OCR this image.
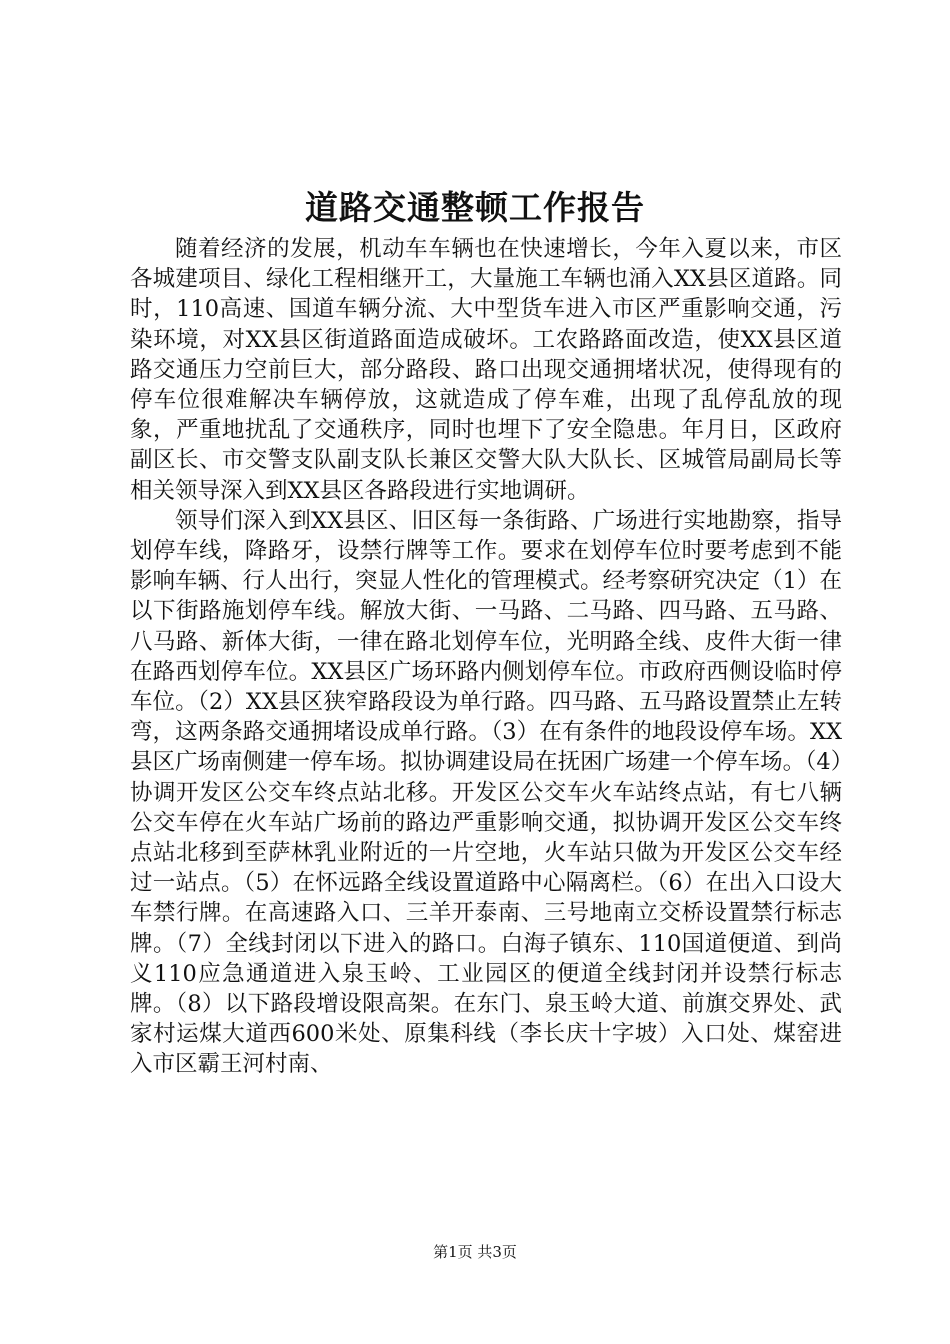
道路交通整顿工作报告

随着经济的发展，机动车车辆也在快速增长，今年入夏以来，市区各城建项目、绿化工程相继开工，大量施工车辆也涌入XX县区道路。同时，110高速、国道车辆分流、大中型货车进入市区严重影响交通，污染环境，对XX县区街道路面造成破坏。工农路路面改造，使XX县区道路交通压力空前巨大，部分路段、路口出现交通拥堵状况，使得现有的停车位很难解决车辆停放，这就造成了停车难，出现了乱停乱放的现象，严重地扰乱了交通秩序，同时也埋下了安全隐患。年月日，区政府副区长、市交警支队副支队长兼区交警大队大队长、区城管局副局长等相关领导深入到XX县区各路段进行实地调研。

领导们深入到XX县区、旧区每一条街路、广场进行实地勘察，指导划停车线，降路牙，设禁行牌等工作。要求在划停车位时要考虑到不能影响车辆、行人出行，突显人性化的管理模式。经考察研究决定（1）在以下街路施划停车线。解放大街、一马路、二马路、四马路、五马路、八马路、新体大街，一律在路北划停车位，光明路全线、皮件大街一律在路西划停车位。XX县区广场环路内侧划停车位。市政府西侧设临时停车位。（2）XX县区狭窄路段设为单行路。四马路、五马路设置禁止左转弯，这两条路交通拥堵设成单行路。（3）在有条件的地段设停车场。XX县区广场南侧建一停车场。拟协调建设局在抚困广场建一个停车场。（4）协调开发区公交车终点站北移。开发区公交车火车站终点站，有七八辆公交车停在火车站广场前的路边严重影响交通，拟协调开发区公交车终点站北移到至萨林乳业附近的一片空地，火车站只做为开发区公交车经过一站点。（5）在怀远路全线设置道路中心隔离栏。（6）在出入口设大车禁行牌。在高速路入口、三羊开泰南、三号地南立交桥设置禁行标志牌。（7）全线封闭以下进入的路口。白海子镇东、110国道便道、到尚义110应急通道进入泉玉岭、工业园区的便道全线封闭并设禁行标志牌。（8）以下路段增设限高架。在东门、泉玉岭大道、前旗交界处、武家村运煤大道西600米处、原集科线（李长庆十字坡）入口处、煤窑进入市区霸王河村南、

第1页 共3页
